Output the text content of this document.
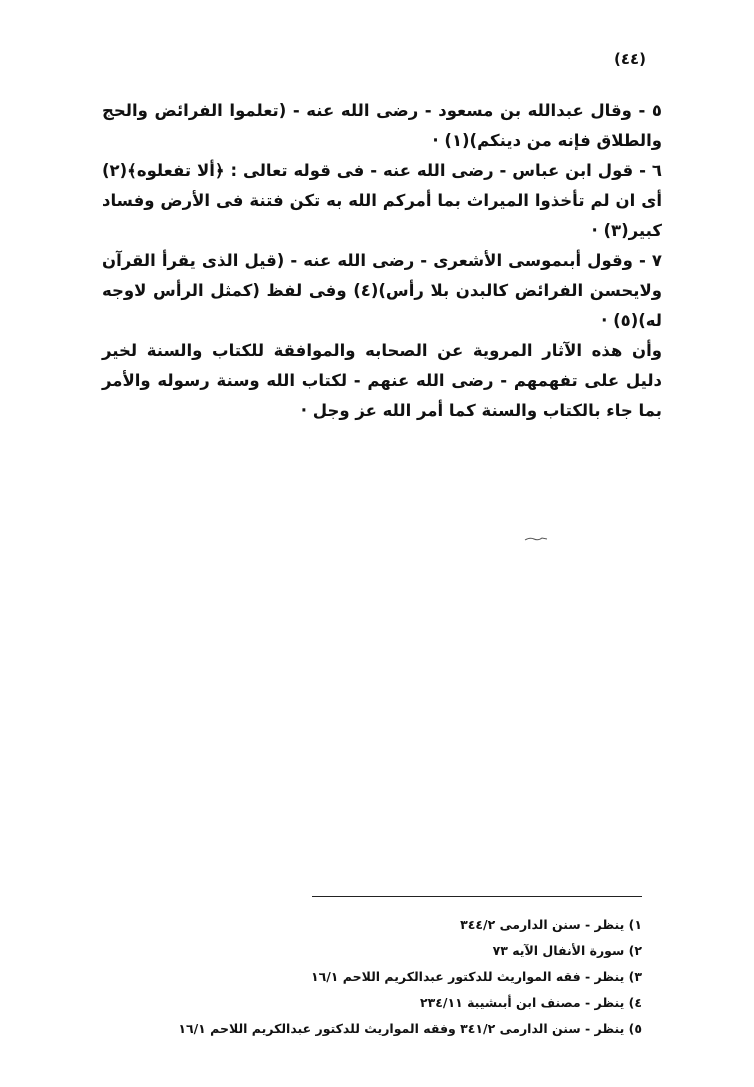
(٤٤)

٥ - وقال عبدالله بن مسعود - رضى الله عنه - (تعلموا الفرائض والحج والطلاق فإنه من دينكم)(١) ·

٦ - قول ابن عباس - رضى الله عنه - فى قوله تعالى : ﴿ألا تفعلوه﴾(٢) أى ان لم تأخذوا الميراث بما أمركم الله به تكن فتنة فى الأرض وفساد كبير(٣) ·

٧ - وقول أبىموسى الأشعرى - رضى الله عنه - (قيل الذى يقرأ القرآن ولايحسن الفرائض كالبدن بلا رأس)(٤) وفى لفظ (كمثل الرأس لاوجه له)(٥) ·

وأن هذه الآثار المروية عن الصحابه والموافقة للكتاب والسنة لخير دليل على تفهمهم - رضى الله عنهم - لكتاب الله وسنة رسوله والأمر بما جاء بالكتاب والسنة كما أمر الله عز وجل ·

١) ينظر - سنن الدارمى ٣٤٤/٢

٢) سورة الأنفال الآيه ٧٣

٣) ينظر - فقه المواريث للدكتور عبدالكريم اللاحم ١٦/١

٤) ينظر - مصنف ابن أبىشيبة ٢٣٤/١١

٥) ينظر - سنن الدارمى ٣٤١/٢ وفقه المواريث للدكتور عبدالكريم اللاحم ١٦/١
